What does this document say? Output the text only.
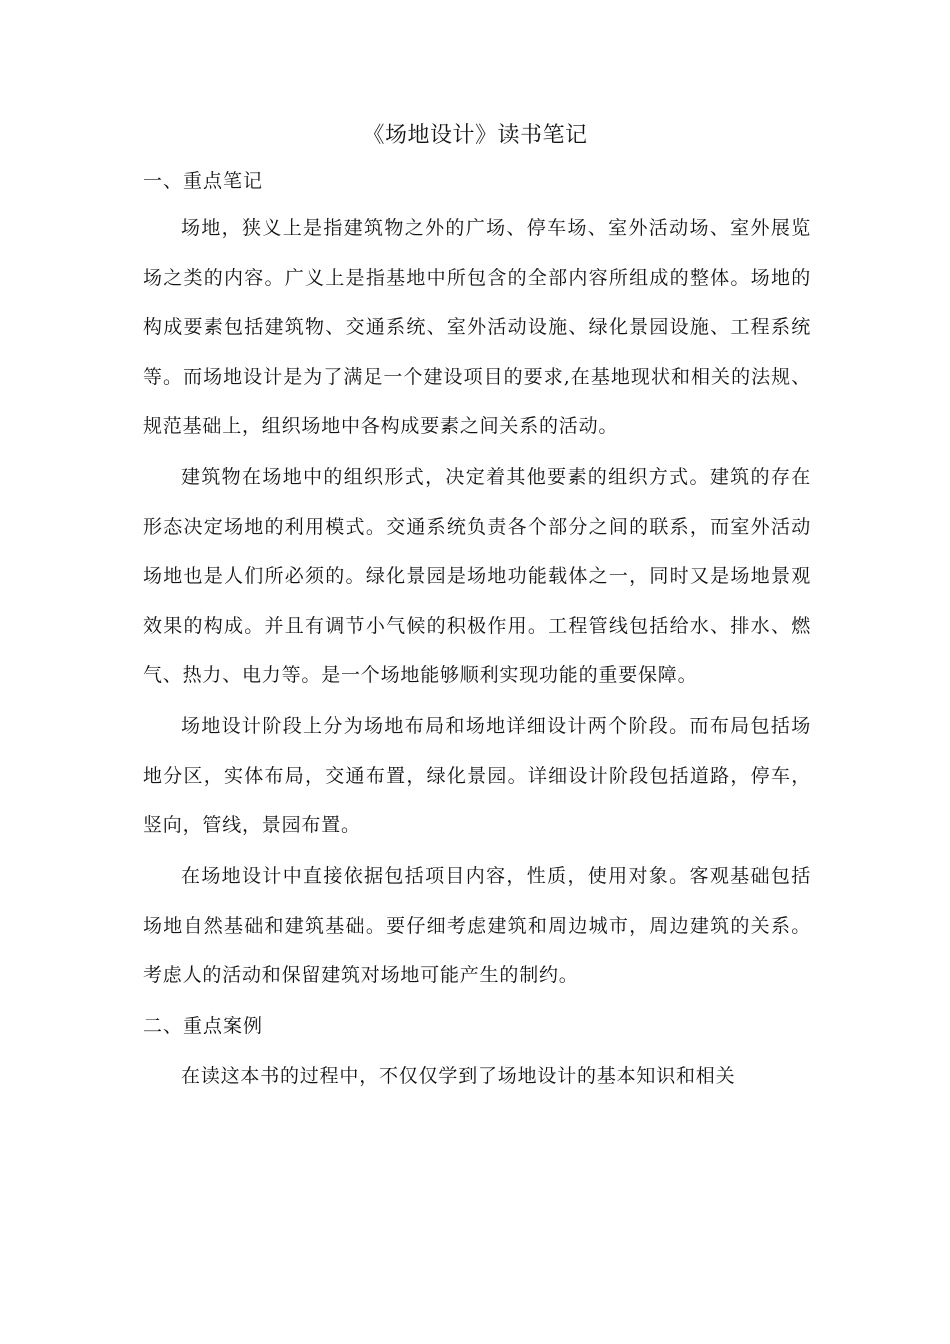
《场地设计》读书笔记
一、重点笔记

场地，狭义上是指建筑物之外的广场、停车场、室外活动场、室外展览场之类的内容。广义上是指基地中所包含的全部内容所组成的整体。场地的构成要素包括建筑物、交通系统、室外活动设施、绿化景园设施、工程系统等。而场地设计是为了满足一个建设项目的要求,在基地现状和相关的法规、规范基础上，组织场地中各构成要素之间关系的活动。

建筑物在场地中的组织形式，决定着其他要素的组织方式。建筑的存在形态决定场地的利用模式。交通系统负责各个部分之间的联系，而室外活动场地也是人们所必须的。绿化景园是场地功能载体之一，同时又是场地景观效果的构成。并且有调节小气候的积极作用。工程管线包括给水、排水、燃气、热力、电力等。是一个场地能够顺利实现功能的重要保障。

场地设计阶段上分为场地布局和场地详细设计两个阶段。而布局包括场地分区，实体布局，交通布置，绿化景园。详细设计阶段包括道路，停车，竖向，管线，景园布置。

在场地设计中直接依据包括项目内容，性质，使用对象。客观基础包括场地自然基础和建筑基础。要仔细考虑建筑和周边城市，周边建筑的关系。考虑人的活动和保留建筑对场地可能产生的制约。

二、重点案例

在读这本书的过程中，不仅仅学到了场地设计的基本知识和相关
